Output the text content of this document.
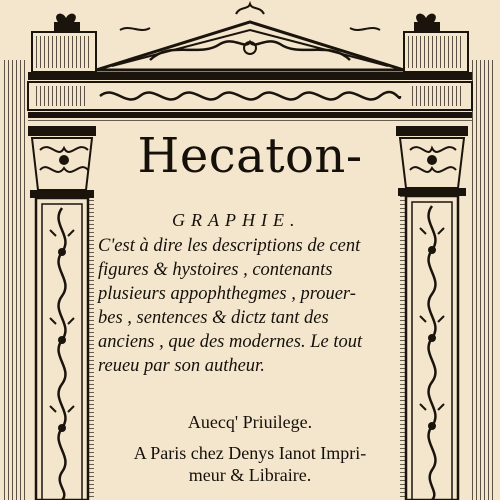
Hecaton-
GRAPHIE.
C'est à dire les descriptions de cent
figures & hystoires , contenants
plusieurs appophthegmes , prouer-
bes , sentences & dictz tant des
anciens , que des modernes. Le tout
reueu par son autheur.
Auecq' Priuilege.
A Paris chez Denys Ianot Impri-
meur & Libraire.
